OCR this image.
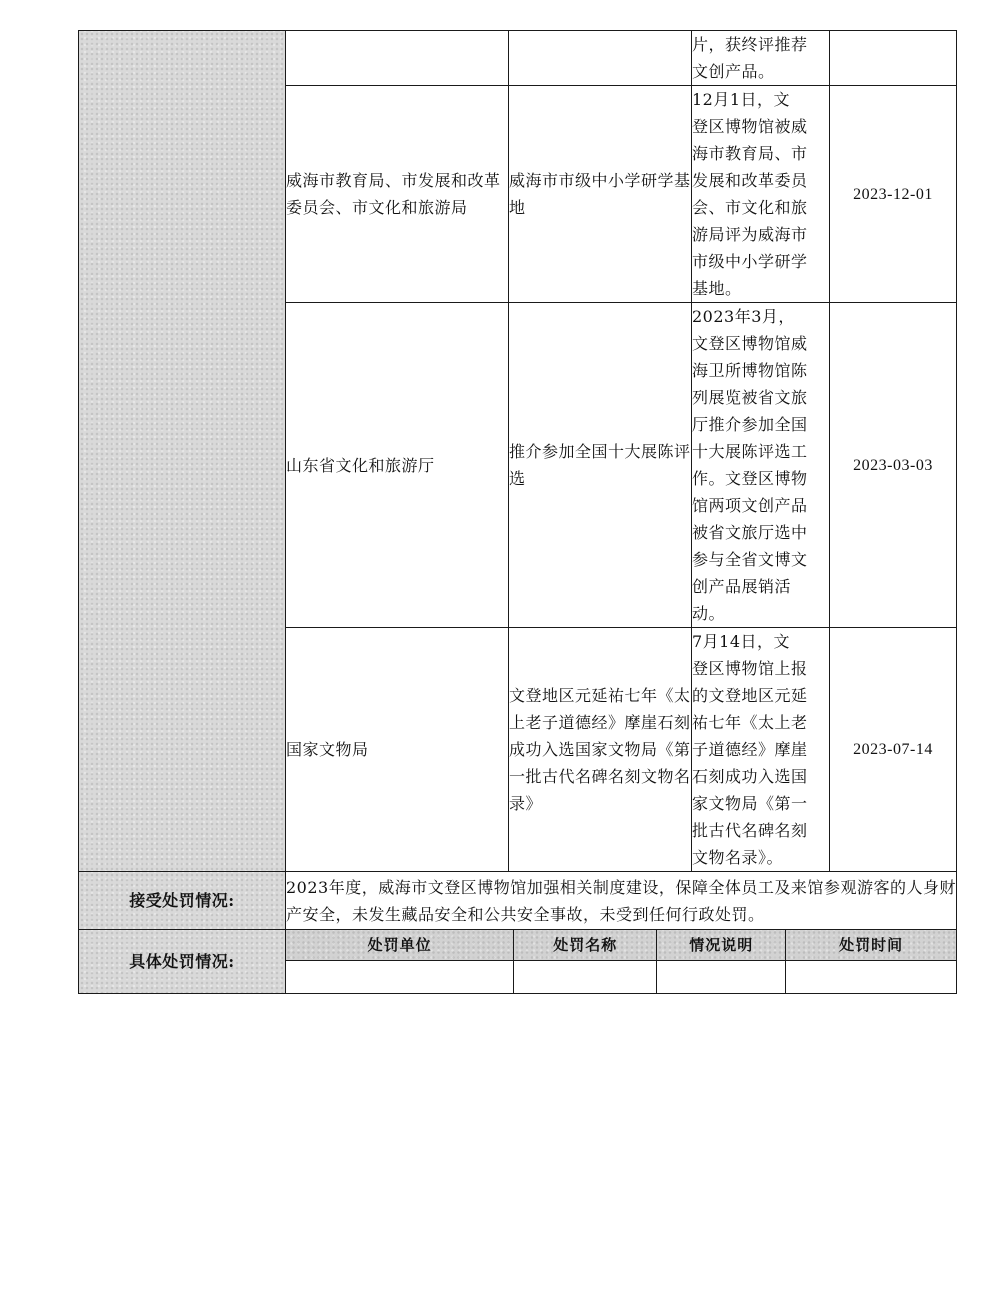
			片，获终评推荐
文创产品。	
威海市教育局、市发展和改革委员会、市文化和旅游局	威海市市级中小学研学基地	12月1日，文
登区博物馆被威
海市教育局、市
发展和改革委员
会、市文化和旅
游局评为威海市
市级中小学研学
基地。	2023-12-01
山东省文化和旅游厅	推介参加全国十大展陈评选	2023年3月，
文登区博物馆威
海卫所博物馆陈
列展览被省文旅
厅推介参加全国
十大展陈评选工
作。文登区博物
馆两项文创产品
被省文旅厅选中
参与全省文博文
创产品展销活
动。	2023-03-03
国家文物局	文登地区元延祐七年《太上老子道德经》摩崖石刻成功入选国家文物局《第一批古代名碑名刻文物名录》	7月14日，文
登区博物馆上报
的文登地区元延
祐七年《太上老
子道德经》摩崖
石刻成功入选国
家文物局《第一
批古代名碑名刻
文物名录》。	2023-07-14
接受处罚情况:	2023年度，威海市文登区博物馆加强相关制度建设，保障全体员工及来馆参观游客的人身财产安全，未发生藏品安全和公共安全事故，未受到任何行政处罚。
具体处罚情况:	
处罚单位	处罚名称	情况说明	处罚时间
